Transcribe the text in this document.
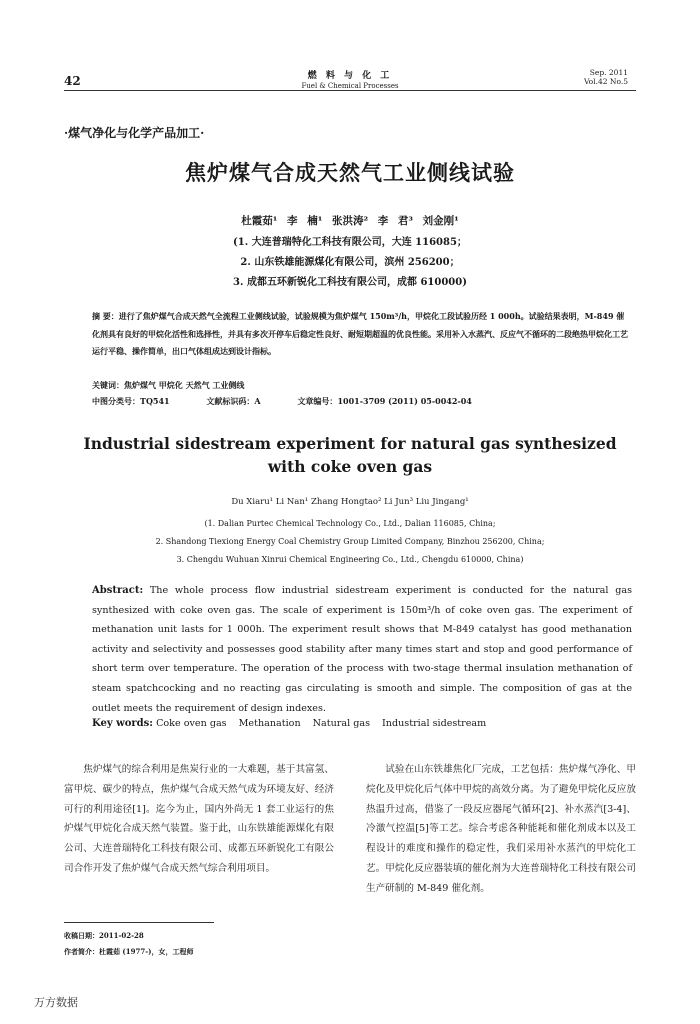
42	燃 料 与 化 工
Fuel & Chemical Processes
Sep. 2011
Vol.42 No.5
·煤气净化与化学产品加工·
焦炉煤气合成天然气工业侧线试验
杜霞茹¹ 李 楠¹ 张洪涛² 李 君³ 刘金刚¹
(1. 大连普瑞特化工科技有限公司，大连 116085；
2. 山东铁雄能源煤化有限公司，滨州 256200；
3. 成都五环新锐化工科技有限公司，成都 610000)
摘 要：进行了焦炉煤气合成天然气全流程工业侧线试验，试验规模为焦炉煤气 150m³/h，甲烷化工段试验历经 1 000h。试验结果表明，M-849 催化剂具有良好的甲烷化活性和选择性，并具有多次开停车后稳定性良好、耐短期超温的优良性能。采用补入水蒸汽、反应气不循环的二段绝热甲烷化工艺运行平稳、操作简单，出口气体组成达到设计指标。
关键词：焦炉煤气 甲烷化 天然气 工业侧线
中图分类号：TQ541	文献标识码：A	文章编号：1001-3709 (2011) 05-0042-04
Industrial sidestream experiment for natural gas synthesized
with coke oven gas
Du Xiaru¹ Li Nan¹ Zhang Hongtao² Li Jun³ Liu Jingang¹
(1. Dalian Purtec Chemical Technology Co., Ltd., Dalian 116085, China;
2. Shandong Tiexiong Energy Coal Chemistry Group Limited Company, Binzhou 256200, China;
3. Chengdu Wuhuan Xinrui Chemical Engineering Co., Ltd., Chengdu 610000, China)
Abstract: The whole process flow industrial sidestream experiment is conducted for the natural gas synthesized with coke oven gas. The scale of experiment is 150m³/h of coke oven gas. The experiment of methanation unit lasts for 1 000h. The experiment result shows that M-849 catalyst has good methanation activity and selectivity and possesses good stability after many times start and stop and good performance of short term over temperature. The operation of the process with two-stage thermal insulation methanation of steam spatchcocking and no reacting gas circulating is smooth and simple. The composition of gas at the outlet meets the requirement of design indexes.
Key words: Coke oven gas Methanation Natural gas Industrial sidestream

焦炉煤气的综合利用是焦炭行业的一大难题，基于其富氢、富甲烷、碳少的特点，焦炉煤气合成天然气成为环境友好、经济可行的利用途径[1]。迄今为止，国内外尚无 1 套工业运行的焦炉煤气甲烷化合成天然气装置。鉴于此，山东铁雄能源煤化有限公司、大连普瑞特化工科技有限公司、成都五环新锐化工有限公司合作开发了焦炉煤气合成天然气综合利用项目。

试验在山东铁雄焦化厂完成，工艺包括：焦炉煤气净化、甲烷化及甲烷化后气体中甲烷的高效分离。为了避免甲烷化反应放热温升过高，借鉴了一段反应器尾气循环[2]、补水蒸汽[3-4]、冷激气控温[5]等工艺。综合考虑各种能耗和催化剂成本以及工程设计的难度和操作的稳定性，我们采用补水蒸汽的甲烷化工艺。甲烷化反应器装填的催化剂为大连普瑞特化工科技有限公司生产研制的 M-849 催化剂。

收稿日期：2011-02-28
作者简介：杜霞茹 (1977-)，女，工程师
万方数据
